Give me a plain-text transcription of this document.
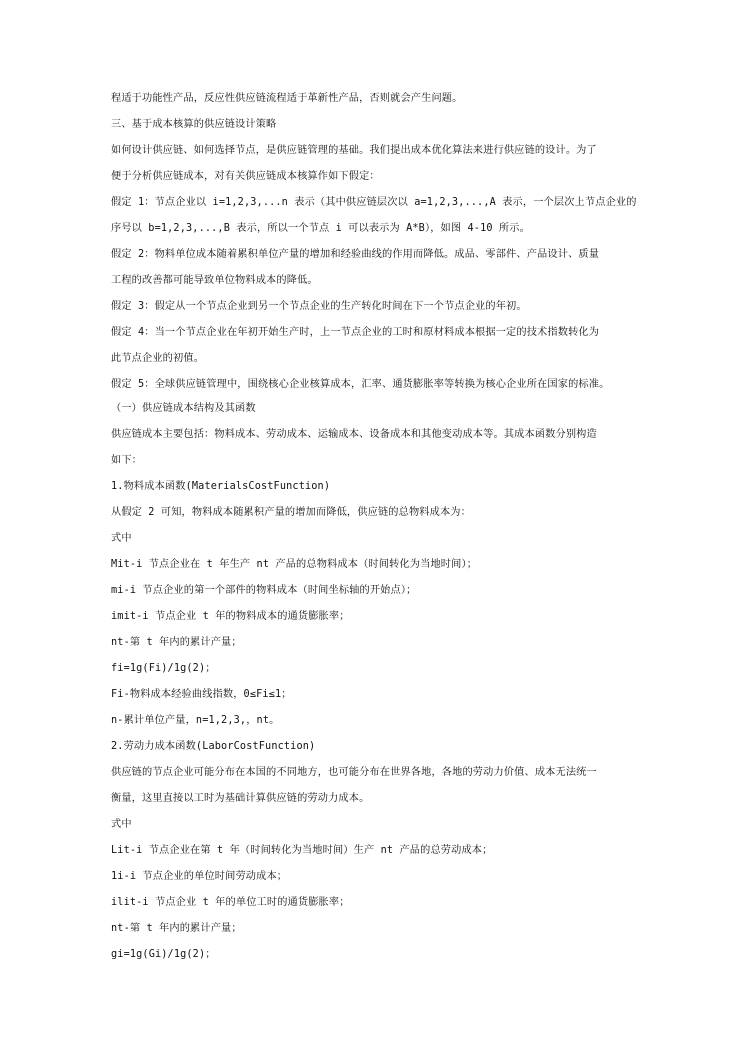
程适于功能性产品，反应性供应链流程适于革新性产品，否则就会产生问题。
三、基于成本核算的供应链设计策略
如何设计供应链、如何选择节点，是供应链管理的基础。我们提出成本优化算法来进行供应链的设计。为了
便于分析供应链成本，对有关供应链成本核算作如下假定：
假定 1：节点企业以 i=1,2,3,...n 表示（其中供应链层次以 a=1,2,3,...,A 表示，一个层次上节点企业的
序号以 b=1,2,3,...,B 表示，所以一个节点 i 可以表示为 A*B），如图 4-10 所示。
假定 2：物料单位成本随着累积单位产量的增加和经验曲线的作用而降低。成品、零部件、产品设计、质量
工程的改善都可能导致单位物料成本的降低。
假定 3：假定从一个节点企业到另一个节点企业的生产转化时间在下一个节点企业的年初。
假定 4：当一个节点企业在年初开始生产时，上一节点企业的工时和原材料成本根据一定的技术指数转化为
此节点企业的初值。
假定 5：全球供应链管理中，围绕核心企业核算成本，汇率、通货膨胀率等转换为核心企业所在国家的标准。
（一）供应链成本结构及其函数
供应链成本主要包括：物料成本、劳动成本、运输成本、设备成本和其他变动成本等。其成本函数分别构造
如下：
1.物料成本函数(MaterialsCostFunction)
从假定 2 可知，物料成本随累积产量的增加而降低，供应链的总物料成本为：
式中
Mit-i 节点企业在 t 年生产 nt 产品的总物料成本（时间转化为当地时间）；
mi-i 节点企业的第一个部件的物料成本（时间坐标轴的开始点）；
imit-i 节点企业 t 年的物料成本的通货膨胀率；
nt-第 t 年内的累计产量；
fi=1g(Fi)/1g(2)；
Fi-物料成本经验曲线指数，0≤Fi≤1；
n-累计单位产量，n=1,2,3,，nt。
2.劳动力成本函数(LaborCostFunction)
供应链的节点企业可能分布在本国的不同地方，也可能分布在世界各地，各地的劳动力价值、成本无法统一
衡量，这里直接以工时为基础计算供应链的劳动力成本。
式中
Lit-i 节点企业在第 t 年（时间转化为当地时间）生产 nt 产品的总劳动成本；
1i-i 节点企业的单位时间劳动成本；
ilit-i 节点企业 t 年的单位工时的通货膨胀率；
nt-第 t 年内的累计产量；
gi=1g(Gi)/1g(2)；
